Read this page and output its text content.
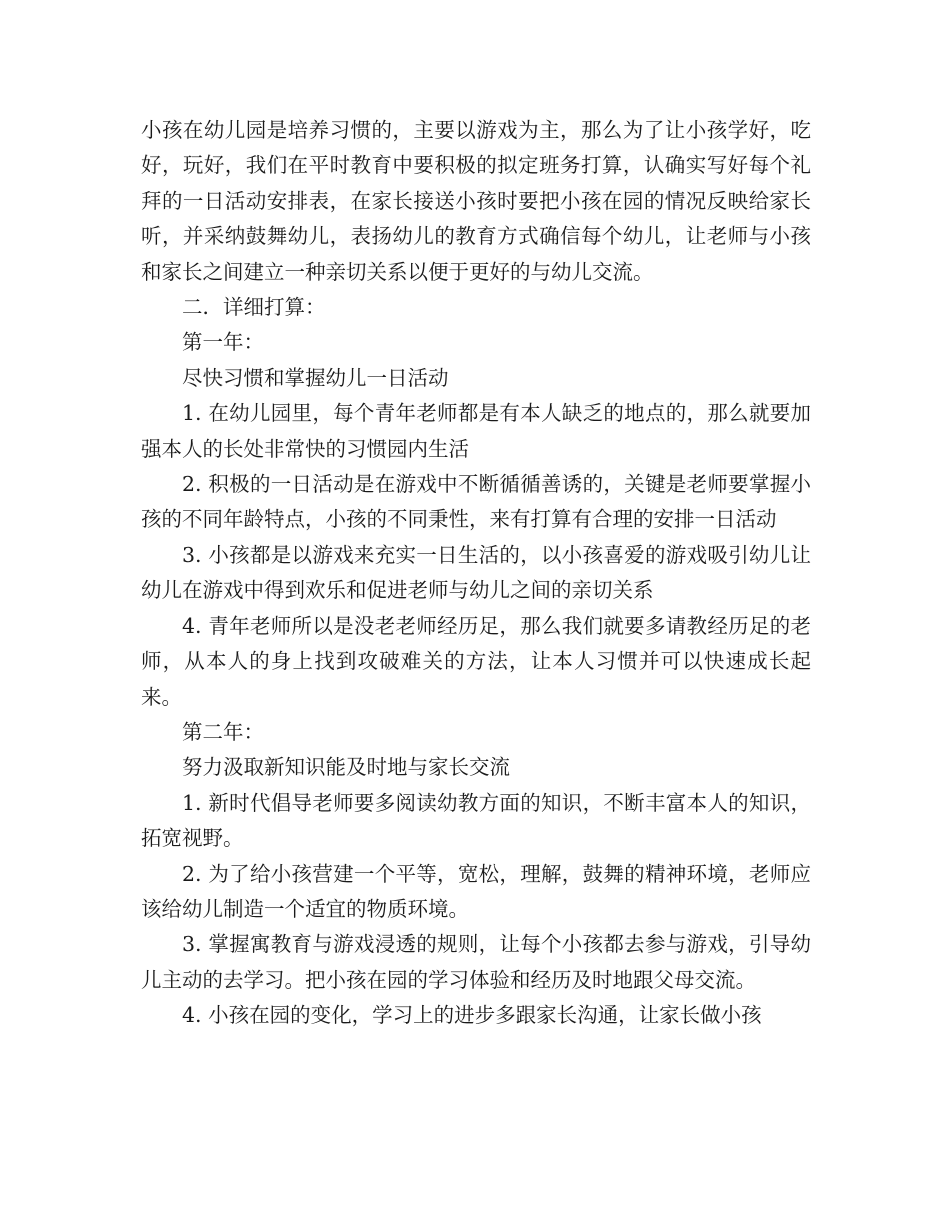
小孩在幼儿园是培养习惯的，主要以游戏为主，那么为了让小孩学好，吃好，玩好，我们在平时教育中要积极的拟定班务打算，认确实写好每个礼拜的一日活动安排表，在家长接送小孩时要把小孩在园的情况反映给家长听，并采纳鼓舞幼儿，表扬幼儿的教育方式确信每个幼儿，让老师与小孩和家长之间建立一种亲切关系以便于更好的与幼儿交流。

二．详细打算：

第一年：

尽快习惯和掌握幼儿一日活动

1. 在幼儿园里，每个青年老师都是有本人缺乏的地点的，那么就要加强本人的长处非常快的习惯园内生活

2. 积极的一日活动是在游戏中不断循循善诱的，关键是老师要掌握小孩的不同年龄特点，小孩的不同秉性，来有打算有合理的安排一日活动

3. 小孩都是以游戏来充实一日生活的，以小孩喜爱的游戏吸引幼儿让幼儿在游戏中得到欢乐和促进老师与幼儿之间的亲切关系

4. 青年老师所以是没老老师经历足，那么我们就要多请教经历足的老师，从本人的身上找到攻破难关的方法，让本人习惯并可以快速成长起来。

第二年：

努力汲取新知识能及时地与家长交流

1. 新时代倡导老师要多阅读幼教方面的知识，不断丰富本人的知识，拓宽视野。

2. 为了给小孩营建一个平等，宽松，理解，鼓舞的精神环境，老师应该给幼儿制造一个适宜的物质环境。

3. 掌握寓教育与游戏浸透的规则，让每个小孩都去参与游戏，引导幼儿主动的去学习。把小孩在园的学习体验和经历及时地跟父母交流。

4. 小孩在园的变化，学习上的进步多跟家长沟通，让家长做小孩
